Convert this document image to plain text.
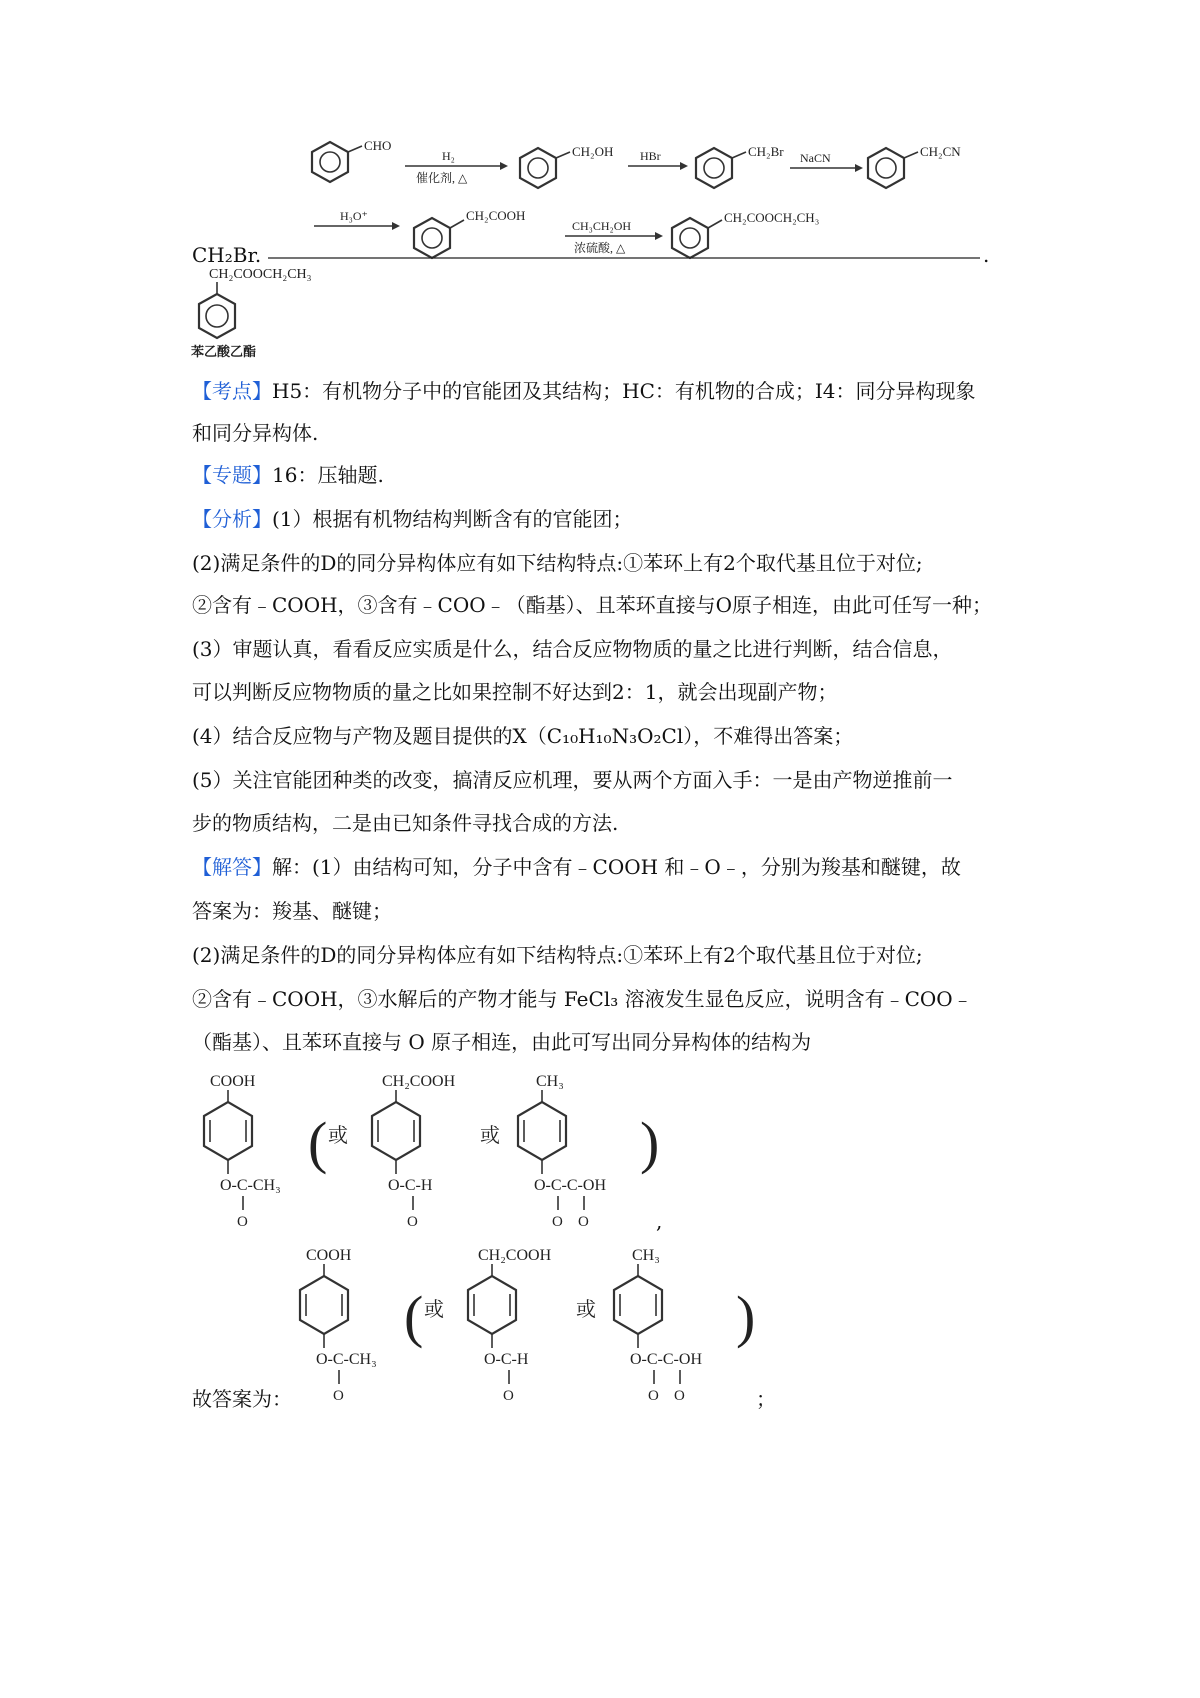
CHO
H₂
催化剂, △
CH₂OH HBr	CH₂Br NaCN	CH₂CN
H₃O⁺	CH₂COOH
CH₃CH₂OH
浓硫酸, △
CH₂COOCH₂CH₃
CH₂Br.	.
CH₂COOCH₂CH₃
苯乙酸乙酯
【考点】H5：有机物分子中的官能团及其结构；HC：有机物的合成；I4：同分异构现象
和同分异构体.
【专题】16：压轴题.
【分析】(1）根据有机物结构判断含有的官能团；
(2)满足条件的D的同分异构体应有如下结构特点:①苯环上有2个取代基且位于对位;
②含有﹣COOH，③含有﹣COO﹣（酯基）、且苯环直接与O原子相连，由此可任写一种；
(3）审题认真，看看反应实质是什么，结合反应物物质的量之比进行判断，结合信息，
可以判断反应物物质的量之比如果控制不好达到2：1，就会出现副产物；
(4）结合反应物与产物及题目提供的X（C₁₀H₁₀N₃O₂Cl），不难得出答案；
(5）关注官能团种类的改变，搞清反应机理，要从两个方面入手：一是由产物逆推前一
步的物质结构，二是由已知条件寻找合成的方法.
【解答】解：(1）由结构可知，分子中含有﹣COOH 和﹣O﹣，分别为羧基和醚键，故
答案为：羧基、醚键；
(2)满足条件的D的同分异构体应有如下结构特点:①苯环上有2个取代基且位于对位;
②含有﹣COOH，③水解后的产物才能与 FeCl₃ 溶液发生显色反应，说明含有﹣COO﹣
（酯基）、且苯环直接与 O 原子相连，由此可写出同分异构体的结构为
COOH
O-C-CH₃
O
( 或
CH₂COOH
O-C-H
O
或
CH₃
O-C-C-OH
O O
)
,
故答案为：
COOH
O-C-CH₃
O
( 或
CH₂COOH
O-C-H
O
或
CH₃
O-C-C-OH
O O
)
；
